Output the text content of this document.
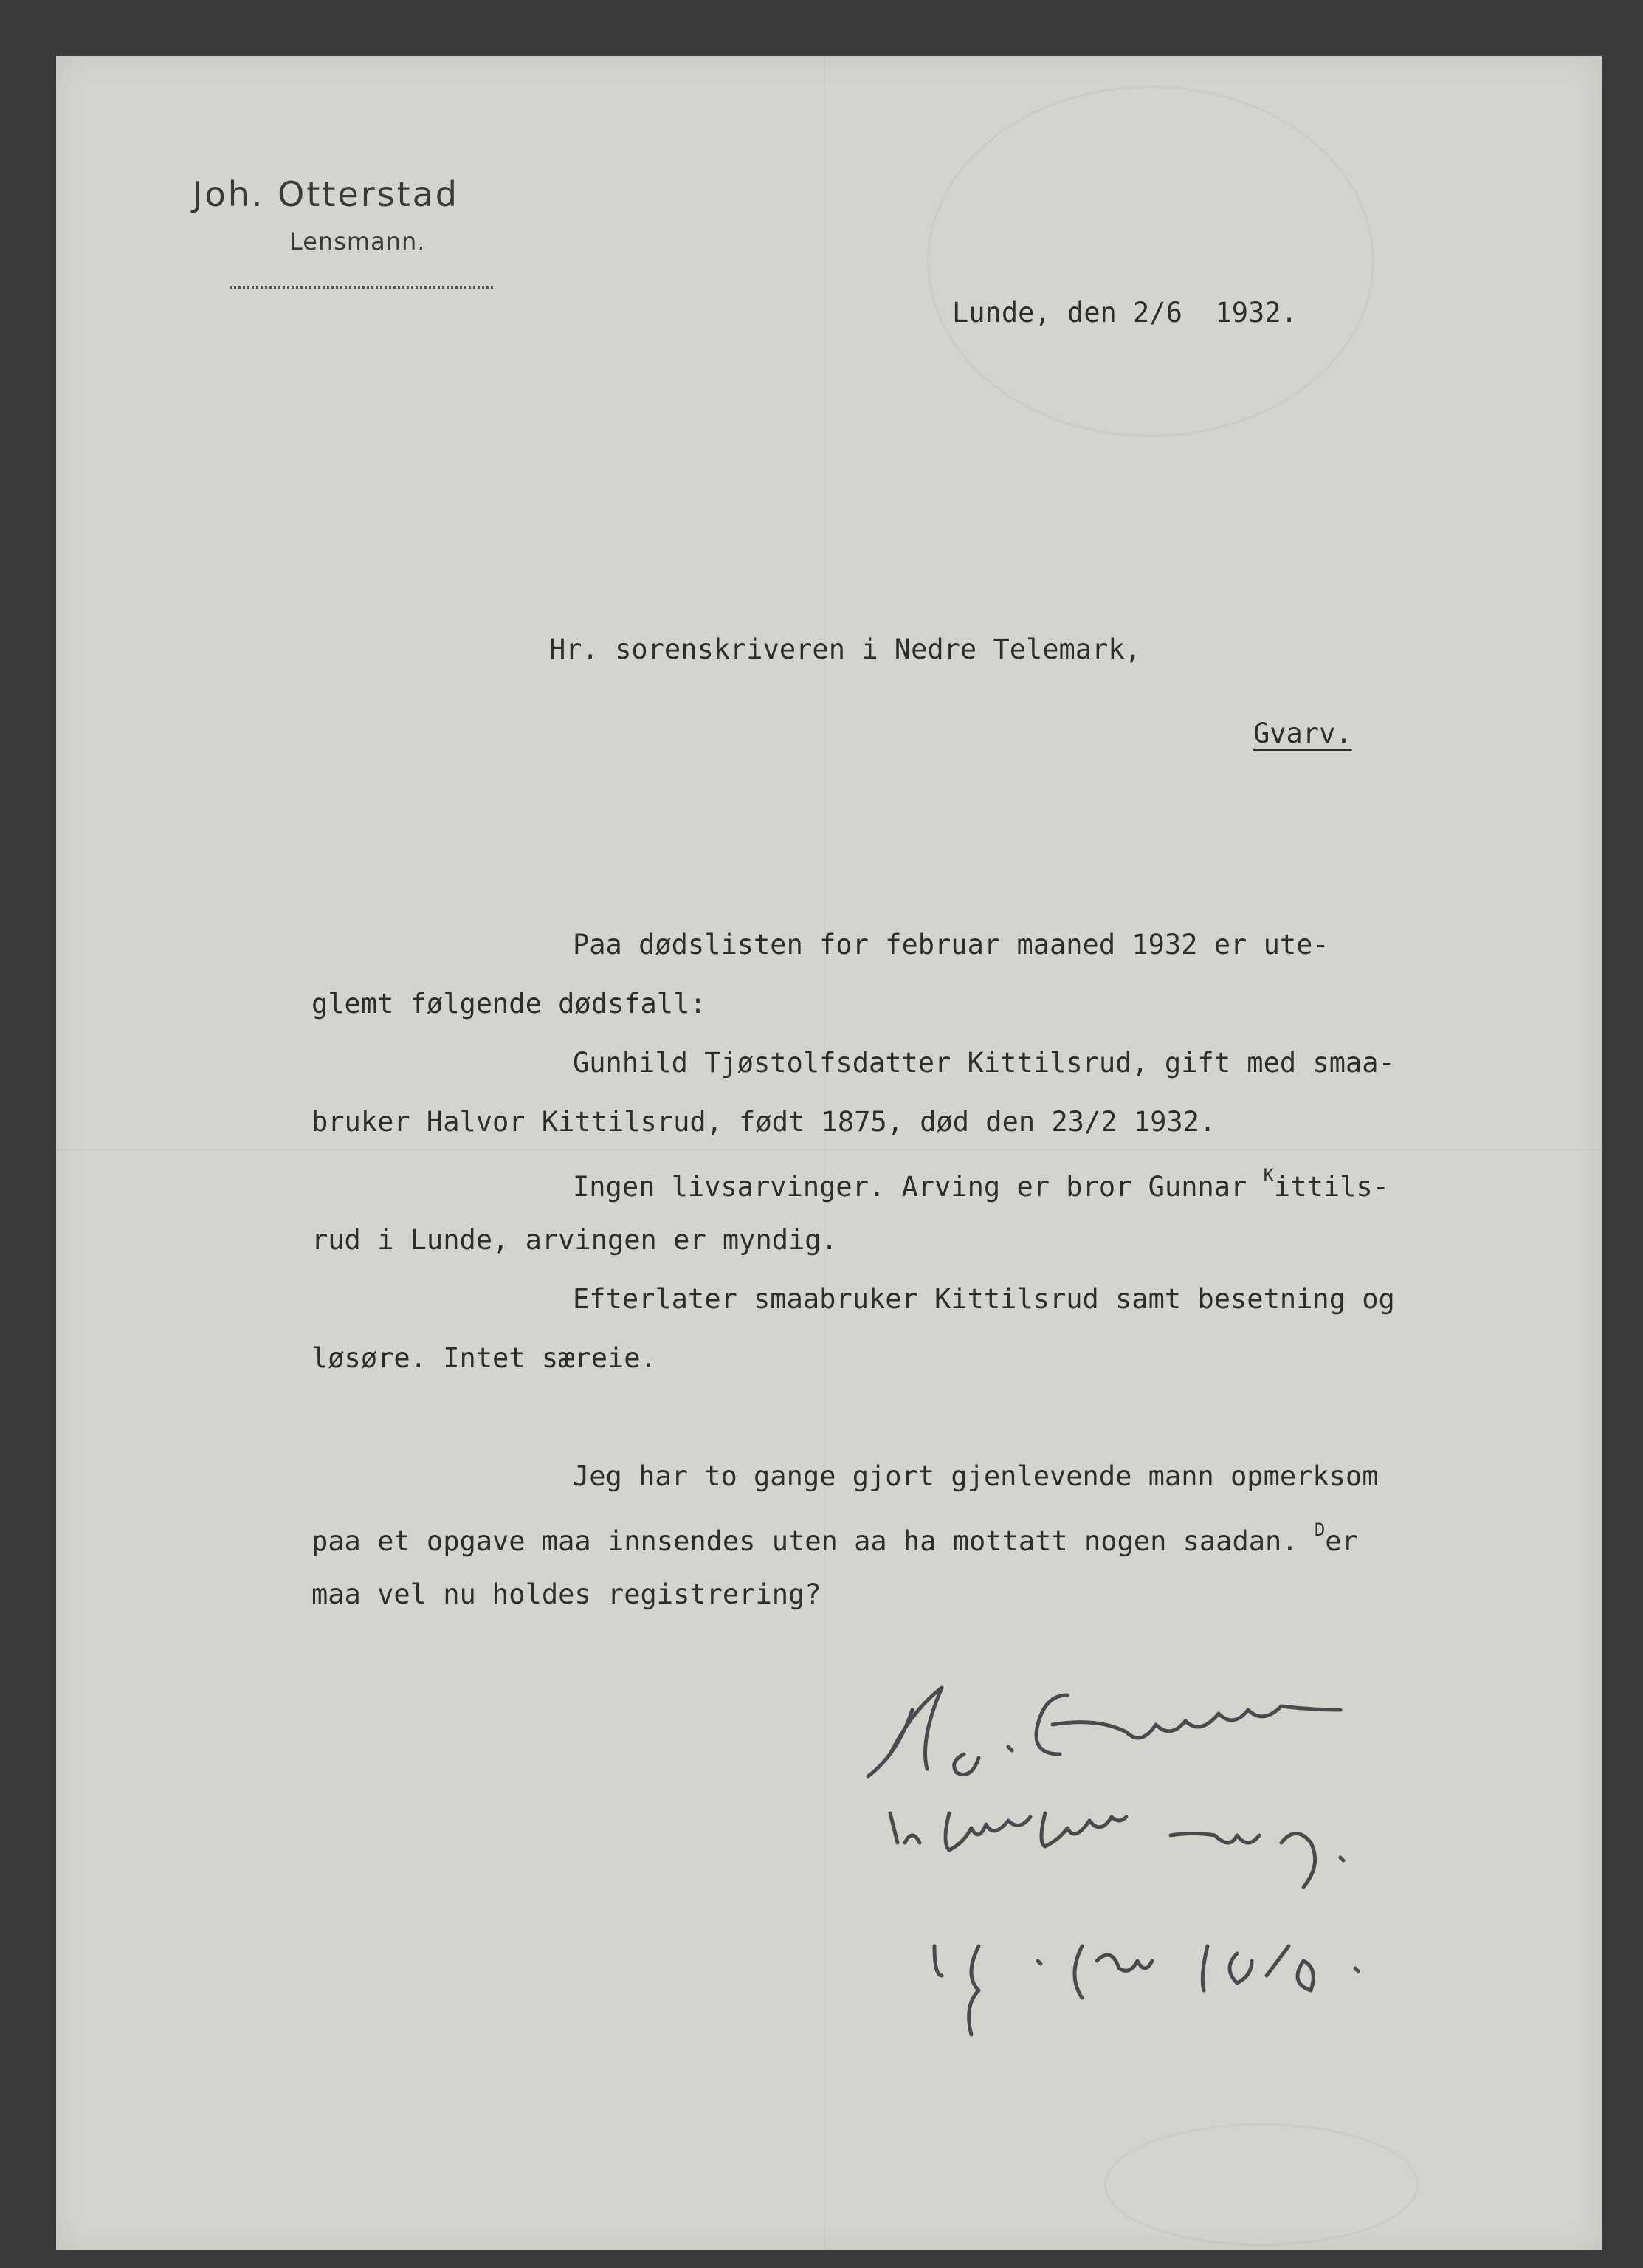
Joh. Otterstad
Lensmann.

Lunde, den 2/6  1932.

Hr. sorenskriveren i Nedre Telemark,

Gvarv.

Paa dødslisten for februar maaned 1932 er ute-

glemt følgende dødsfall:

Gunhild Tjøstolfsdatter Kittilsrud, gift med smaa-

bruker Halvor Kittilsrud, født 1875, død den 23/2 1932.

Ingen livsarvinger. Arving er bror Gunnar $^K$ittils-

rud i Lunde, arvingen er myndig.

Efterlater smaabruker Kittilsrud samt besetning og

løsøre. Intet særeie.

Jeg har to gange gjort gjenlevende mann opmerksom

paa et opgave maa innsendes uten aa ha mottatt nogen saadan. $^D$er

maa vel nu holdes registrering?
